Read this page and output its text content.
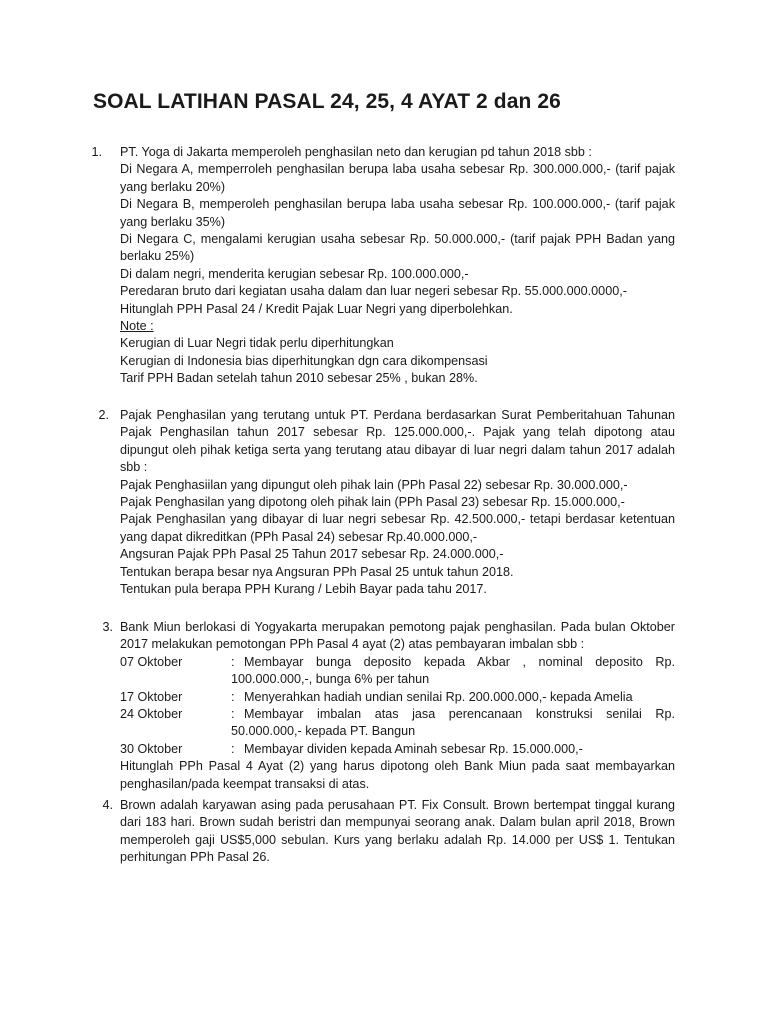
SOAL LATIHAN PASAL 24, 25, 4 AYAT 2 dan 26
1. PT. Yoga di Jakarta memperoleh penghasilan neto dan kerugian pd tahun 2018 sbb :
Di Negara A, memperroleh penghasilan berupa laba usaha sebesar Rp. 300.000.000,- (tarif pajak
yang berlaku 20%)
Di Negara B, memperoleh penghasilan berupa laba usaha sebesar Rp. 100.000.000,- (tarif pajak
yang berlaku 35%)
Di Negara C, mengalami kerugian usaha sebesar Rp. 50.000.000,- (tarif pajak PPH Badan yang
berlaku 25%)
Di dalam negri, menderita kerugian sebesar Rp. 100.000.000,-
Peredaran bruto dari kegiatan usaha dalam dan luar negeri sebesar Rp. 55.000.000.0000,-
Hitunglah PPH Pasal 24 / Kredit Pajak Luar Negri yang diperbolehkan.
Note :
Kerugian di Luar Negri tidak perlu diperhitungkan
Kerugian di Indonesia bias diperhitungkan dgn cara dikompensasi
Tarif PPH Badan setelah tahun 2010 sebesar 25% , bukan 28%.
2. Pajak Penghasilan yang terutang untuk PT. Perdana berdasarkan Surat Pemberitahuan Tahunan
Pajak Penghasilan tahun 2017 sebesar Rp. 125.000.000,-. Pajak yang telah dipotong atau
dipungut oleh pihak ketiga serta yang terutang atau dibayar di luar negri dalam tahun 2017 adalah
sbb :
Pajak Penghasiilan yang dipungut oleh pihak lain (PPh Pasal 22) sebesar Rp. 30.000.000,-
Pajak Penghasilan yang dipotong oleh pihak lain (PPh Pasal 23) sebesar Rp. 15.000.000,-
Pajak Penghasilan yang dibayar di luar negri sebesar Rp. 42.500.000,- tetapi berdasar ketentuan
yang dapat dikreditkan (PPh Pasal 24) sebesar Rp.40.000.000,-
Angsuran Pajak PPh Pasal 25 Tahun 2017 sebesar Rp. 24.000.000,-
Tentukan berapa besar nya Angsuran PPh Pasal 25 untuk tahun 2018.
Tentukan pula berapa PPH Kurang / Lebih Bayar pada tahu 2017.
3. Bank Miun berlokasi di Yogyakarta merupakan pemotong pajak penghasilan. Pada bulan Oktober
2017 melakukan pemotongan PPh Pasal 4 ayat (2) atas pembayaran imbalan sbb :
07 Oktober	: Membayar bunga deposito kepada Akbar , nominal deposito Rp.
100.000.000,-, bunga 6% per tahun
17 Oktober	: Menyerahkan hadiah undian senilai Rp. 200.000.000,- kepada Amelia
24 Oktober	: Membayar imbalan atas jasa perencanaan konstruksi senilai Rp.
50.000.000,- kepada PT. Bangun
30 Oktober	: Membayar dividen kepada Aminah sebesar Rp. 15.000.000,-
Hitunglah PPh Pasal 4 Ayat (2) yang harus dipotong oleh Bank Miun pada saat membayarkan
penghasilan/pada keempat transaksi di atas.
4. Brown adalah karyawan asing pada perusahaan PT. Fix Consult. Brown bertempat tinggal kurang
dari 183 hari. Brown sudah beristri dan mempunyai seorang anak. Dalam bulan april 2018, Brown
memperoleh gaji US$5,000 sebulan. Kurs yang berlaku adalah Rp. 14.000 per US$ 1. Tentukan
perhitungan PPh Pasal 26.
